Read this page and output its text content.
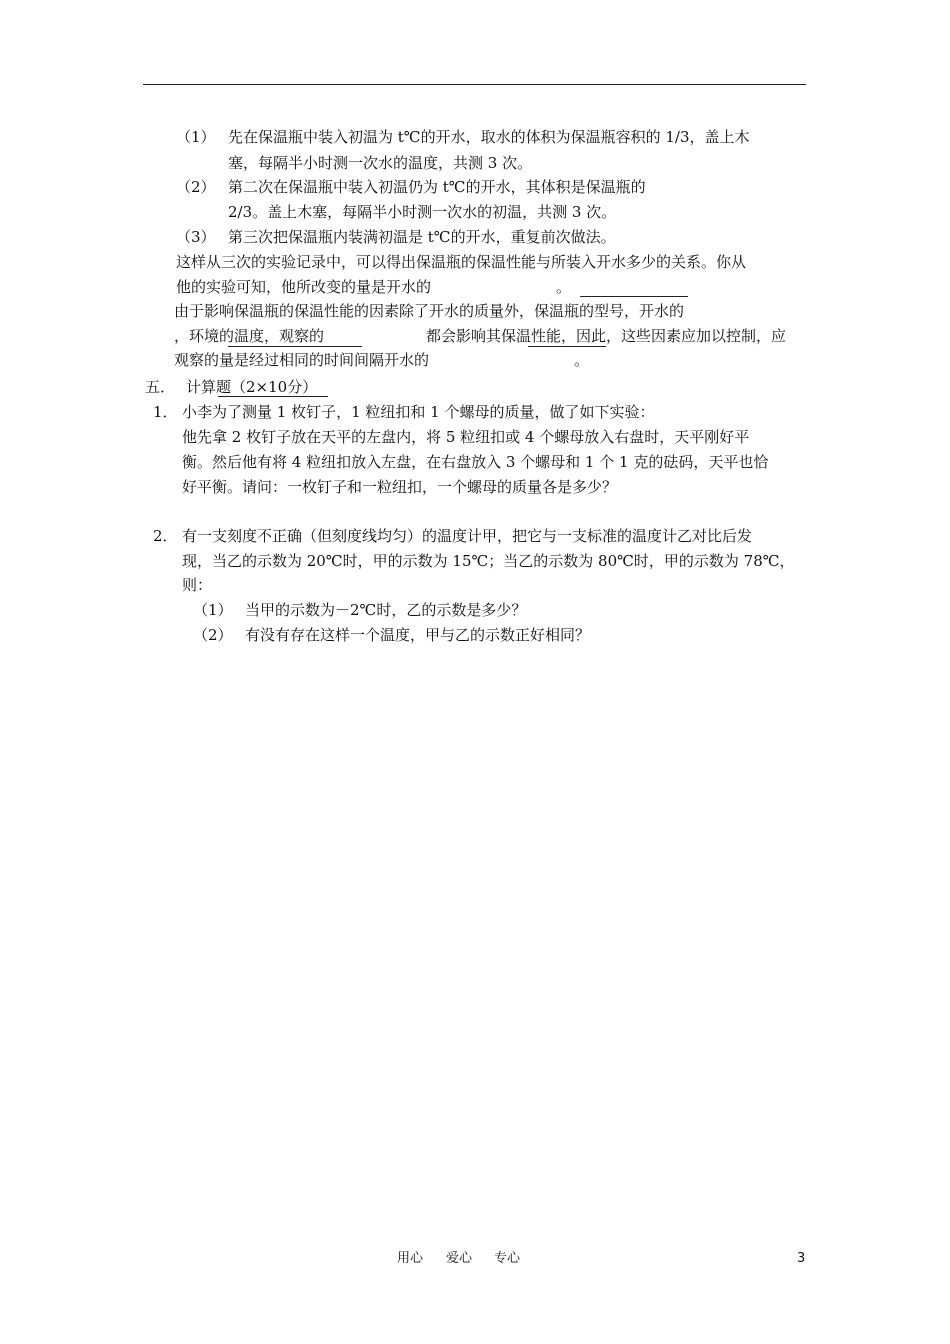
（1） 先在保温瓶中装入初温为 t℃的开水，取水的体积为保温瓶容积的 1/3，盖上木
塞，每隔半小时测一次水的温度，共测 3 次。
（2） 第二次在保温瓶中装入初温仍为 t℃的开水，其体积是保温瓶的
2/3。盖上木塞，每隔半小时测一次水的初温，共测 3 次。
（3） 第三次把保温瓶内装满初温是 t℃的开水，重复前次做法。
这样从三次的实验记录中，可以得出保温瓶的保温性能与所装入开水多少的关系。你从
他的实验可知，他所改变的量是开水的	。
由于影响保温瓶的保温性能的因素除了开水的质量外，保温瓶的型号，开水的
，环境的温度，观察的	都会影响其保温性能，因此，这些因素应加以控制，应
观察的量是经过相同的时间间隔开水的	。
五． 计算题（2×10分）
1． 小李为了测量 1 枚钉子，1 粒纽扣和 1 个螺母的质量，做了如下实验：
他先拿 2 枚钉子放在天平的左盘内，将 5 粒纽扣或 4 个螺母放入右盘时，天平刚好平
衡。然后他有将 4 粒纽扣放入左盘，在右盘放入 3 个螺母和 1 个 1 克的砝码，天平也恰
好平衡。请问：一枚钉子和一粒纽扣，一个螺母的质量各是多少？
2． 有一支刻度不正确（但刻度线均匀）的温度计甲，把它与一支标准的温度计乙对比后发
现，当乙的示数为 20℃时，甲的示数为 15℃；当乙的示数为 80℃时，甲的示数为 78℃，
则：
（1） 当甲的示数为－2℃时，乙的示数是多少？
（2） 有没有存在这样一个温度，甲与乙的示数正好相同？
用心 爱心 专心	3
